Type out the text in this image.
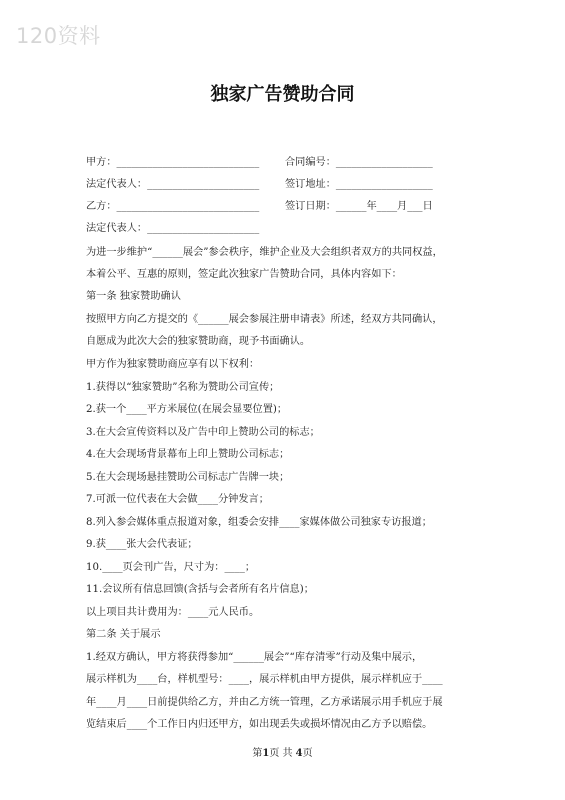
120资料
独家广告赞助合同
甲方：____________________________	合同编号：___________________
法定代表人：______________________	签订地址：___________________
乙方：____________________________	签订日期：______年____月___日
法定代表人：______________________
为进一步维护“______展会”参会秩序，维护企业及大会组织者双方的共同权益，
本着公平、互惠的原则，签定此次独家广告赞助合同，具体内容如下：
第一条 独家赞助确认
按照甲方向乙方提交的《______展会参展注册申请表》所述，经双方共同确认，
自愿成为此次大会的独家赞助商，现予书面确认。
甲方作为独家赞助商应享有以下权利：
1.获得以“独家赞助”名称为赞助公司宣传；
2.获一个____平方米展位(在展会显要位置)；
3.在大会宣传资料以及广告中印上赞助公司的标志；
4.在大会现场背景幕布上印上赞助公司标志；
5.在大会现场悬挂赞助公司标志广告牌一块；
7.可派一位代表在大会做____分钟发言；
8.列入参会媒体重点报道对象，组委会安排____家媒体做公司独家专访报道；
9.获____张大会代表证；
10.____页会刊广告，尺寸为：____；
11.会议所有信息回馈(含括与会者所有名片信息)；
以上项目共计费用为：____元人民币。
第二条 关于展示
1.经双方确认，甲方将获得参加“______展会”“库存清零”行动及集中展示，
展示样机为____台，样机型号：____，展示样机由甲方提供，展示样机应于____
年____月____日前提供给乙方，并由乙方统一管理，乙方承诺展示用手机应于展
览结束后____个工作日内归还甲方，如出现丢失或损坏情况由乙方予以赔偿。
第1页 共 4页
